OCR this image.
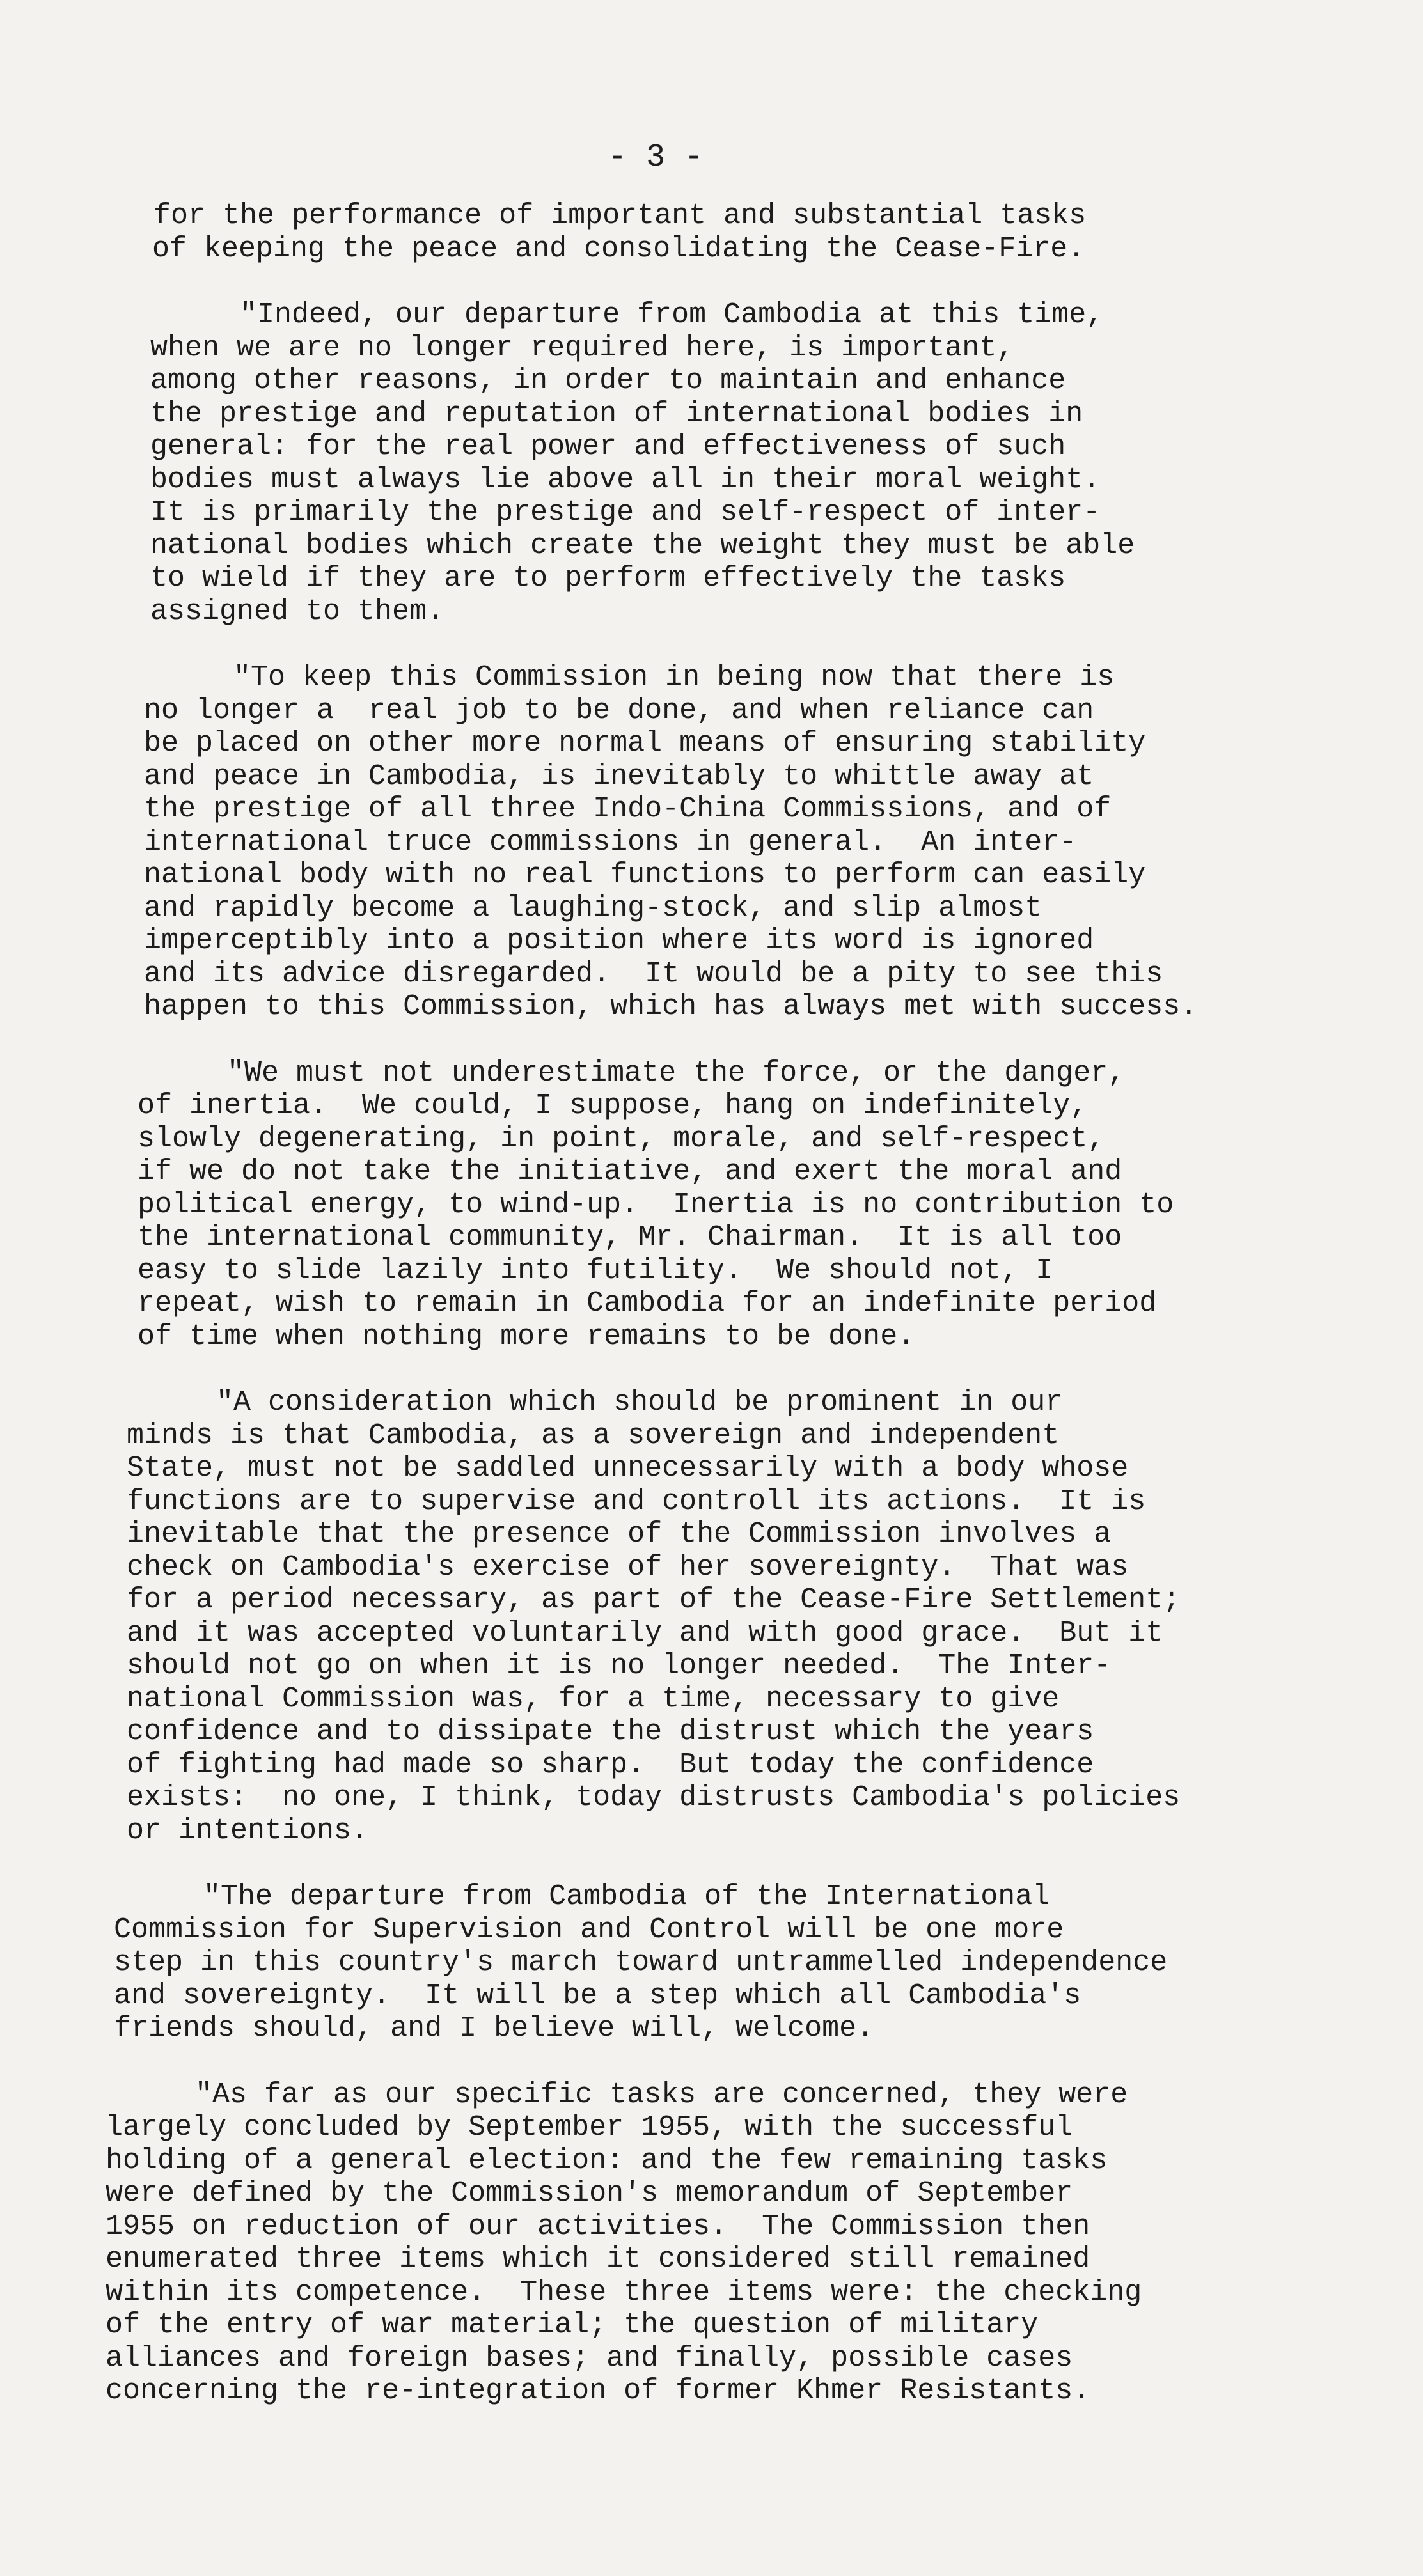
- 3 -
for the performance of important and substantial tasks
of keeping the peace and consolidating the Cease-Fire.
"Indeed, our departure from Cambodia at this time,
when we are no longer required here, is important,
among other reasons, in order to maintain and enhance
the prestige and reputation of international bodies in
general: for the real power and effectiveness of such
bodies must always lie above all in their moral weight.
It is primarily the prestige and self-respect of inter-
national bodies which create the weight they must be able
to wield if they are to perform effectively the tasks
assigned to them.
"To keep this Commission in being now that there is
no longer a  real job to be done, and when reliance can
be placed on other more normal means of ensuring stability
and peace in Cambodia, is inevitably to whittle away at
the prestige of all three Indo-China Commissions, and of
international truce commissions in general.  An inter-
national body with no real functions to perform can easily
and rapidly become a laughing-stock, and slip almost
imperceptibly into a position where its word is ignored
and its advice disregarded.  It would be a pity to see this
happen to this Commission, which has always met with success.
"We must not underestimate the force, or the danger,
of inertia.  We could, I suppose, hang on indefinitely,
slowly degenerating, in point, morale, and self-respect,
if we do not take the initiative, and exert the moral and
political energy, to wind-up.  Inertia is no contribution to
the international community, Mr. Chairman.  It is all too
easy to slide lazily into futility.  We should not, I
repeat, wish to remain in Cambodia for an indefinite period
of time when nothing more remains to be done.
"A consideration which should be prominent in our
minds is that Cambodia, as a sovereign and independent
State, must not be saddled unnecessarily with a body whose
functions are to supervise and controll its actions.  It is
inevitable that the presence of the Commission involves a
check on Cambodia's exercise of her sovereignty.  That was
for a period necessary, as part of the Cease-Fire Settlement;
and it was accepted voluntarily and with good grace.  But it
should not go on when it is no longer needed.  The Inter-
national Commission was, for a time, necessary to give
confidence and to dissipate the distrust which the years
of fighting had made so sharp.  But today the confidence
exists:  no one, I think, today distrusts Cambodia's policies
or intentions.
"The departure from Cambodia of the International
Commission for Supervision and Control will be one more
step in this country's march toward untrammelled independence
and sovereignty.  It will be a step which all Cambodia's
friends should, and I believe will, welcome.
"As far as our specific tasks are concerned, they were
largely concluded by September 1955, with the successful
holding of a general election: and the few remaining tasks
were defined by the Commission's memorandum of September
1955 on reduction of our activities.  The Commission then
enumerated three items which it considered still remained
within its competence.  These three items were: the checking
of the entry of war material; the question of military
alliances and foreign bases; and finally, possible cases
concerning the re-integration of former Khmer Resistants.
